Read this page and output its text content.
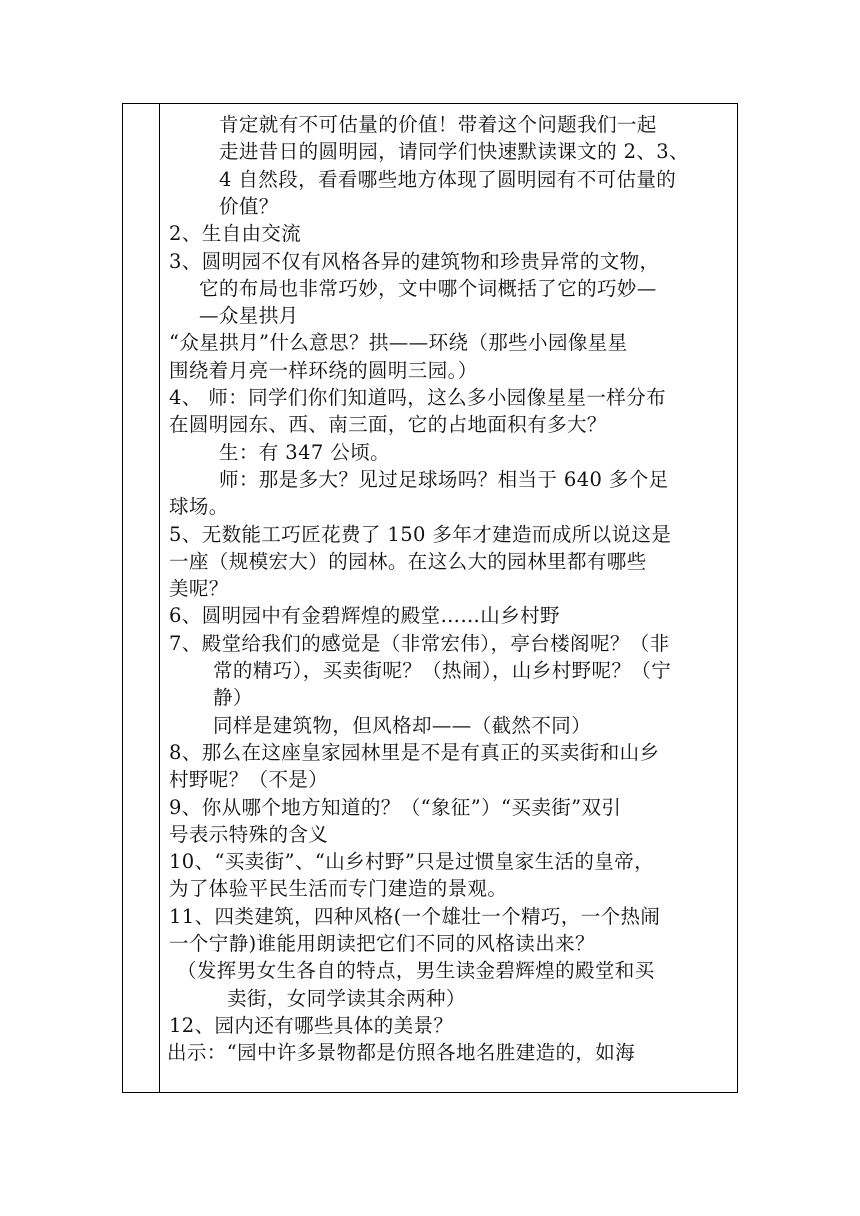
肯定就有不可估量的价值！带着这个问题我们一起
走进昔日的圆明园，请同学们快速默读课文的 2、3、
4 自然段，看看哪些地方体现了圆明园有不可估量的
价值？
2、生自由交流
3、圆明园不仅有风格各异的建筑物和珍贵异常的文物，
它的布局也非常巧妙，文中哪个词概括了它的巧妙—
—众星拱月
“众星拱月”什么意思？拱——环绕（那些小园像星星
围绕着月亮一样环绕的圆明三园。）
4、 师：同学们你们知道吗，这么多小园像星星一样分布
在圆明园东、西、南三面，它的占地面积有多大？
生：有 347 公顷。
师：那是多大？见过足球场吗？相当于 640 多个足
球场。
5、无数能工巧匠花费了 150 多年才建造而成所以说这是
一座（规模宏大）的园林。在这么大的园林里都有哪些
美呢？
6、圆明园中有金碧辉煌的殿堂……山乡村野
7、殿堂给我们的感觉是（非常宏伟），亭台楼阁呢？（非
常的精巧），买卖街呢？（热闹），山乡村野呢？（宁
静）
同样是建筑物，但风格却——（截然不同）
8、那么在这座皇家园林里是不是有真正的买卖街和山乡
村野呢？（不是）
9、你从哪个地方知道的？（“象征”）“买卖街”双引
号表示特殊的含义
10、“买卖街”、“山乡村野”只是过惯皇家生活的皇帝，
为了体验平民生活而专门建造的景观。
11、四类建筑，四种风格(一个雄壮一个精巧，一个热闹
一个宁静)谁能用朗读把它们不同的风格读出来？
（发挥男女生各自的特点，男生读金碧辉煌的殿堂和买
卖街，女同学读其余两种）
12、园内还有哪些具体的美景？
出示：“园中许多景物都是仿照各地名胜建造的，如海
